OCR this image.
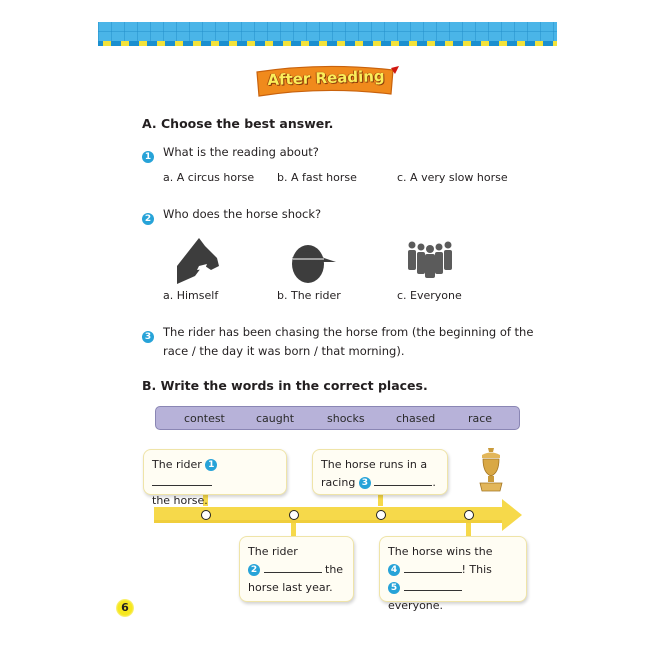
After Reading
A. Choose the best answer.
1 What is the reading about?
a. A circus horse b. A fast horse	c. A very slow horse
2 Who does the horse shock?
a. Himself	b. The rider	c. Everyone
3 The rider has been chasing the horse from (the beginning of the
race / the day it was born / that morning).
B. Write the words in the correct places.
contest	caught	shocks	chased	race
The rider 1
the horse.
The horse runs in a
racing 3	.
The rider
2	the
horse last year.
The horse wins the
4	! This
5  everyone.
6
